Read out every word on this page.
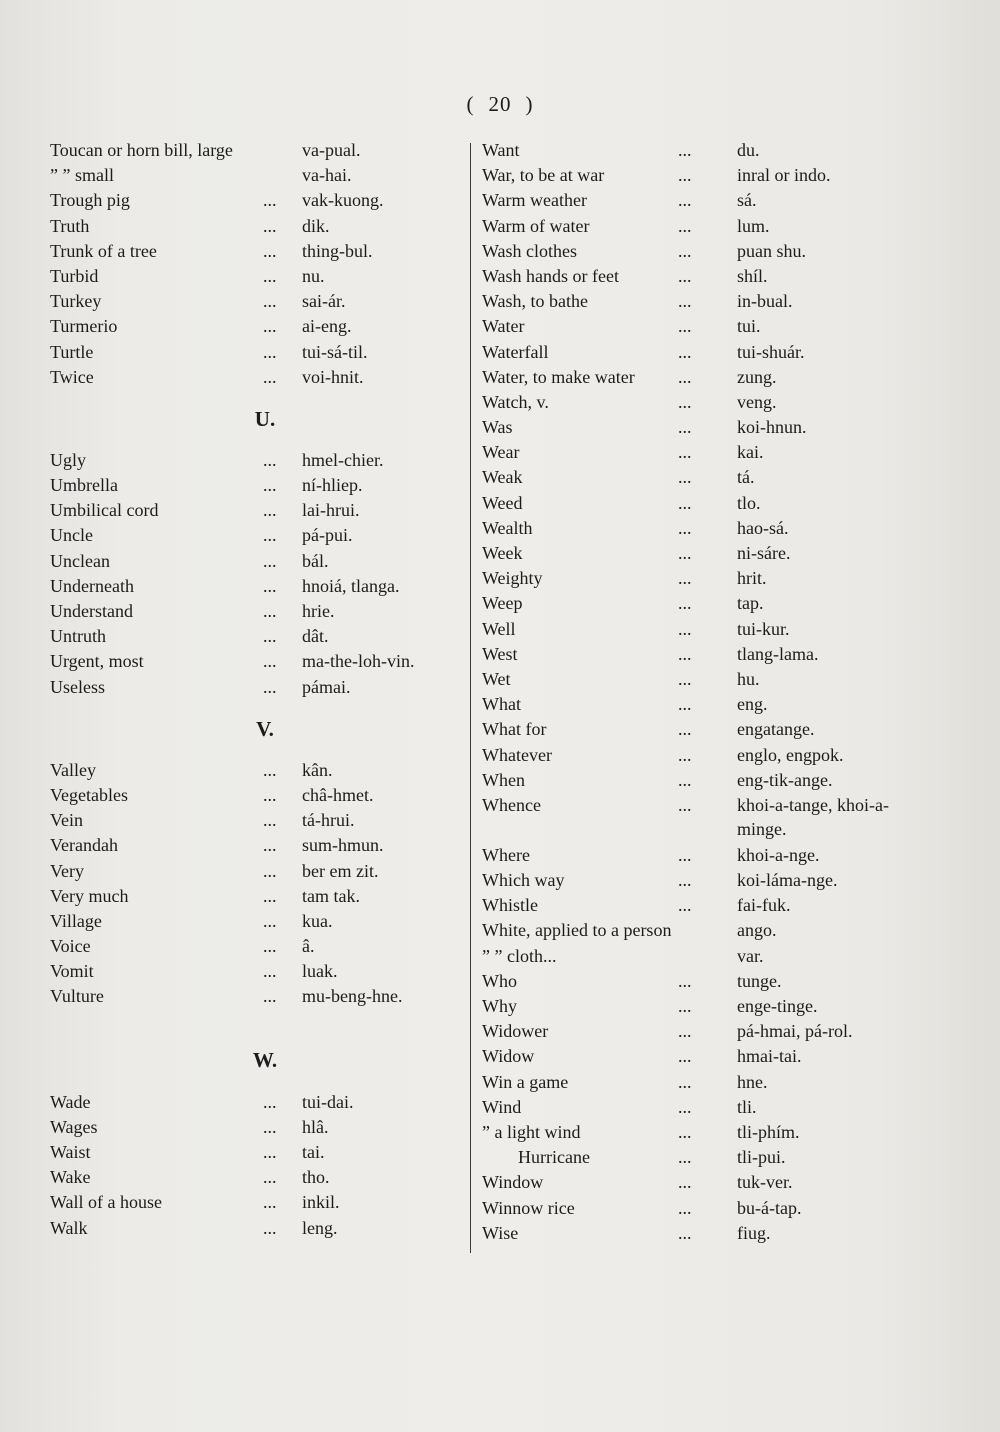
( 20 )
Toucan or horn bill, large	va-pual.
” ” small	va-hai.
Trough pig	... vak-kuong.
Truth	... dik.
Trunk of a tree	... thing-bul.
Turbid	... nu.
Turkey	... sai-ár.
Turmerio	... ai-eng.
Turtle	... tui-sá-til.
Twice	... voi-hnit.
U.
Ugly	... hmel-chier.
Umbrella	... ní-hliep.
Umbilical cord	... lai-hrui.
Uncle	... pá-pui.
Unclean	... bál.
Underneath	... hnoiá, tlanga.
Understand	... hrie.
Untruth	... dât.
Urgent, most	... ma-the-loh-vin.
Useless	... pámai.
V.
Valley	... kân.
Vegetables	... châ-hmet.
Vein	... tá-hrui.
Verandah	... sum-hmun.
Very	... ber em zit.
Very much	... tam tak.
Village	... kua.
Voice	... â.
Vomit	... luak.
Vulture	... mu-beng-hne.
W.
Wade	... tui-dai.
Wages	... hlâ.
Waist	... tai.
Wake	... tho.
Wall of a house	... inkil.
Walk	... leng.
Want	...	du.
War, to be at war	...	inral or indo.
Warm weather	...	sá.
Warm of water	...	lum.
Wash clothes	...	puan shu.
Wash hands or feet	...	shíl.
Wash, to bathe	...	in-bual.
Water	...	tui.
Waterfall	...	tui-shuár.
Water, to make water ...	zung.
Watch, v.	...	veng.
Was	...	koi-hnun.
Wear	...	kai.
Weak	...	tá.
Weed	...	tlo.
Wealth	...	hao-sá.
Week	...	ni-sáre.
Weighty	...	hrit.
Weep	...	tap.
Well	...	tui-kur.
West	...	tlang-lama.
Wet	...	hu.
What	...	eng.
What for	...	engatange.
Whatever	...	englo, engpok.
When	...	eng-tik-ange.
Whence	...	khoi-a-tange, khoi-a-minge.
Where	...	khoi-a-nge.
Which way	...	koi-láma-nge.
Whistle	...	fai-fuk.
White, applied to a person	ango.
” ” cloth...	var.
Who	...	tunge.
Why	...	enge-tinge.
Widower	...	pá-hmai, pá-rol.
Widow	...	hmai-tai.
Win a game	...	hne.
Wind	...	tli.
” a light wind	...	tli-phím.
Hurricane	...	tli-pui.
Window	...	tuk-ver.
Winnow rice	...	bu-á-tap.
Wise	...	fiug.
